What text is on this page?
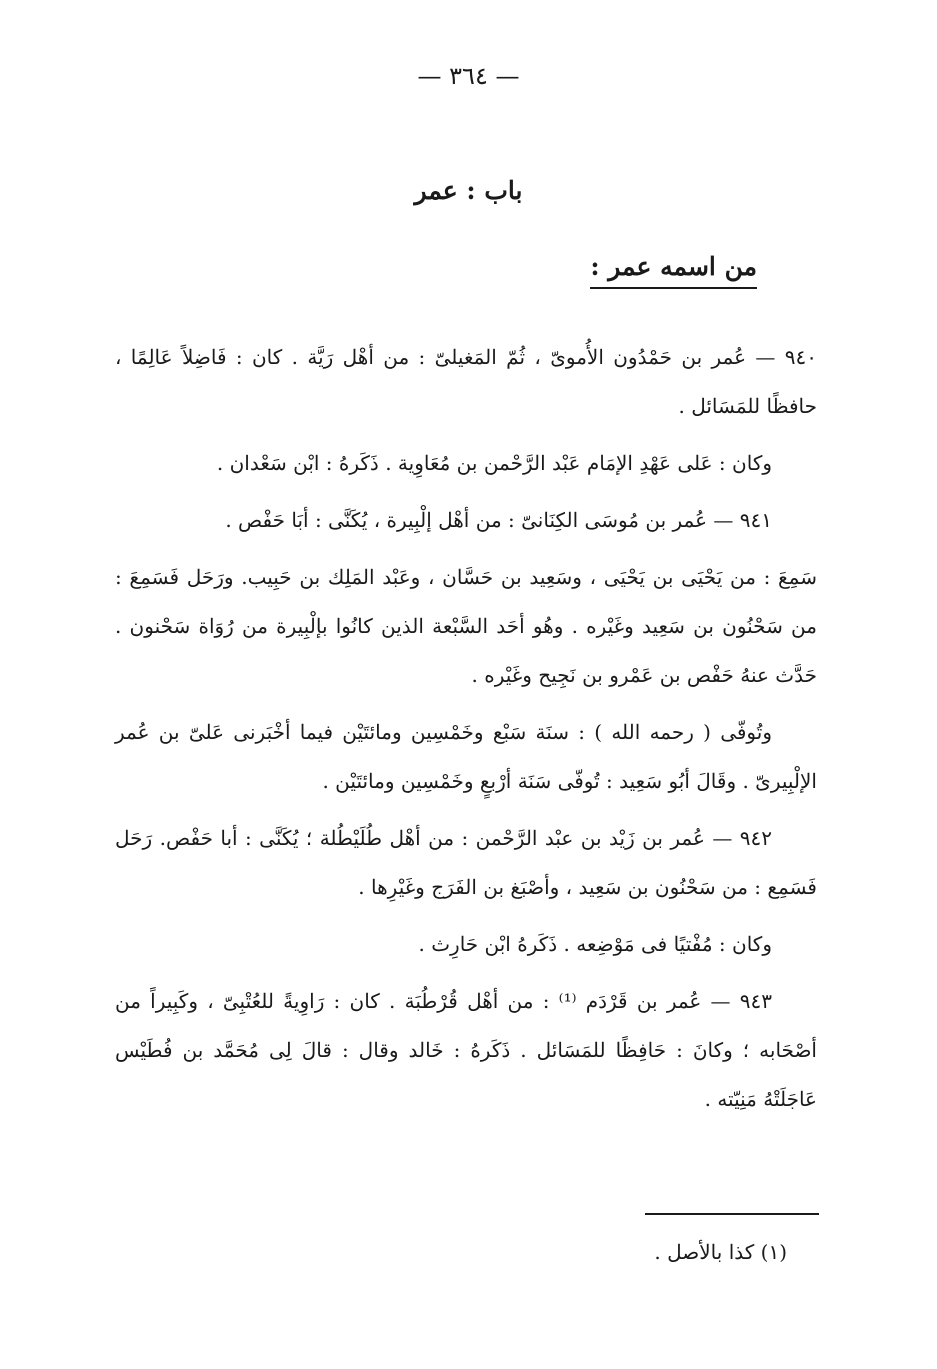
— ٣٦٤ —
باب : عمر
من اسمه عمر :

٩٤٠ — عُمر بن حَمْدُون الأُموىّ ، ثُمّ المَغيلىّ : من أهْل رَيَّة . كان : فَاضِلاً عَالِمًا ، حافظًا للمَسَائل .

وكان : عَلى عَهْدِ الإمَام عَبْد الرَّحْمن بن مُعَاوِية . ذَكَرهُ : ابْن سَعْدان .

٩٤١ — عُمر بن مُوسَى الكِنَانىّ : من أهْل إلْبِيرة ، يُكَنَّى : أبَا حَفْص .

سَمِعَ : من يَحْيَى بن يَحْيَى ، وسَعِيد بن حَسَّان ، وعَبْد المَلِك بن حَبِيب. ورَحَل فَسَمِعَ : من سَحْنُون بن سَعِيد وغَيْره . وهُو أحَد السَّبْعة الذين كانُوا بإلْبِيرة من رُوَاة سَحْنون . حَدَّث عنهُ حَفْص بن عَمْرو بن نَجِيح وغَيْره .

وتُوفّى ( رحمه الله ) : سنَة سَبْع وخَمْسِين ومائتَيْن فيما أخْبَرنى عَلىّ بن عُمر الإلْبِيرىّ . وقَالَ أبُو سَعِيد : تُوفّى سَنَة أرْبعٍ وخَمْسِين ومائتَيْن .

٩٤٢ — عُمر بن زَيْد بن عبْد الرَّحْمن : من أهْل طُلَيْطُلة ؛ يُكَنَّى : أبا حَفْص. رَحَل فَسَمِع : من سَحْنُون بن سَعِيد ، وأصْبَغ بن الفَرَج وغَيْرِها .

وكان : مُفْتيًا فى مَوْضِعه . ذَكَرهُ ابْن حَارِث .

٩٤٣ — عُمر بن قَرْدَم ⁽¹⁾ : من أهْل قُرْطُبَة . كان : رَاوِيةً للعُتْبِىّ ، وكَبِيراً من أصْحَابه ؛ وكانَ : حَافِظًا للمَسَائل . ذَكَرهُ : خَالد وقال : قالَ لِى مُحَمَّد بن فُطَيْس عَاجَلَتْهُ مَنِيّته .

(١) كذا بالأصل .
